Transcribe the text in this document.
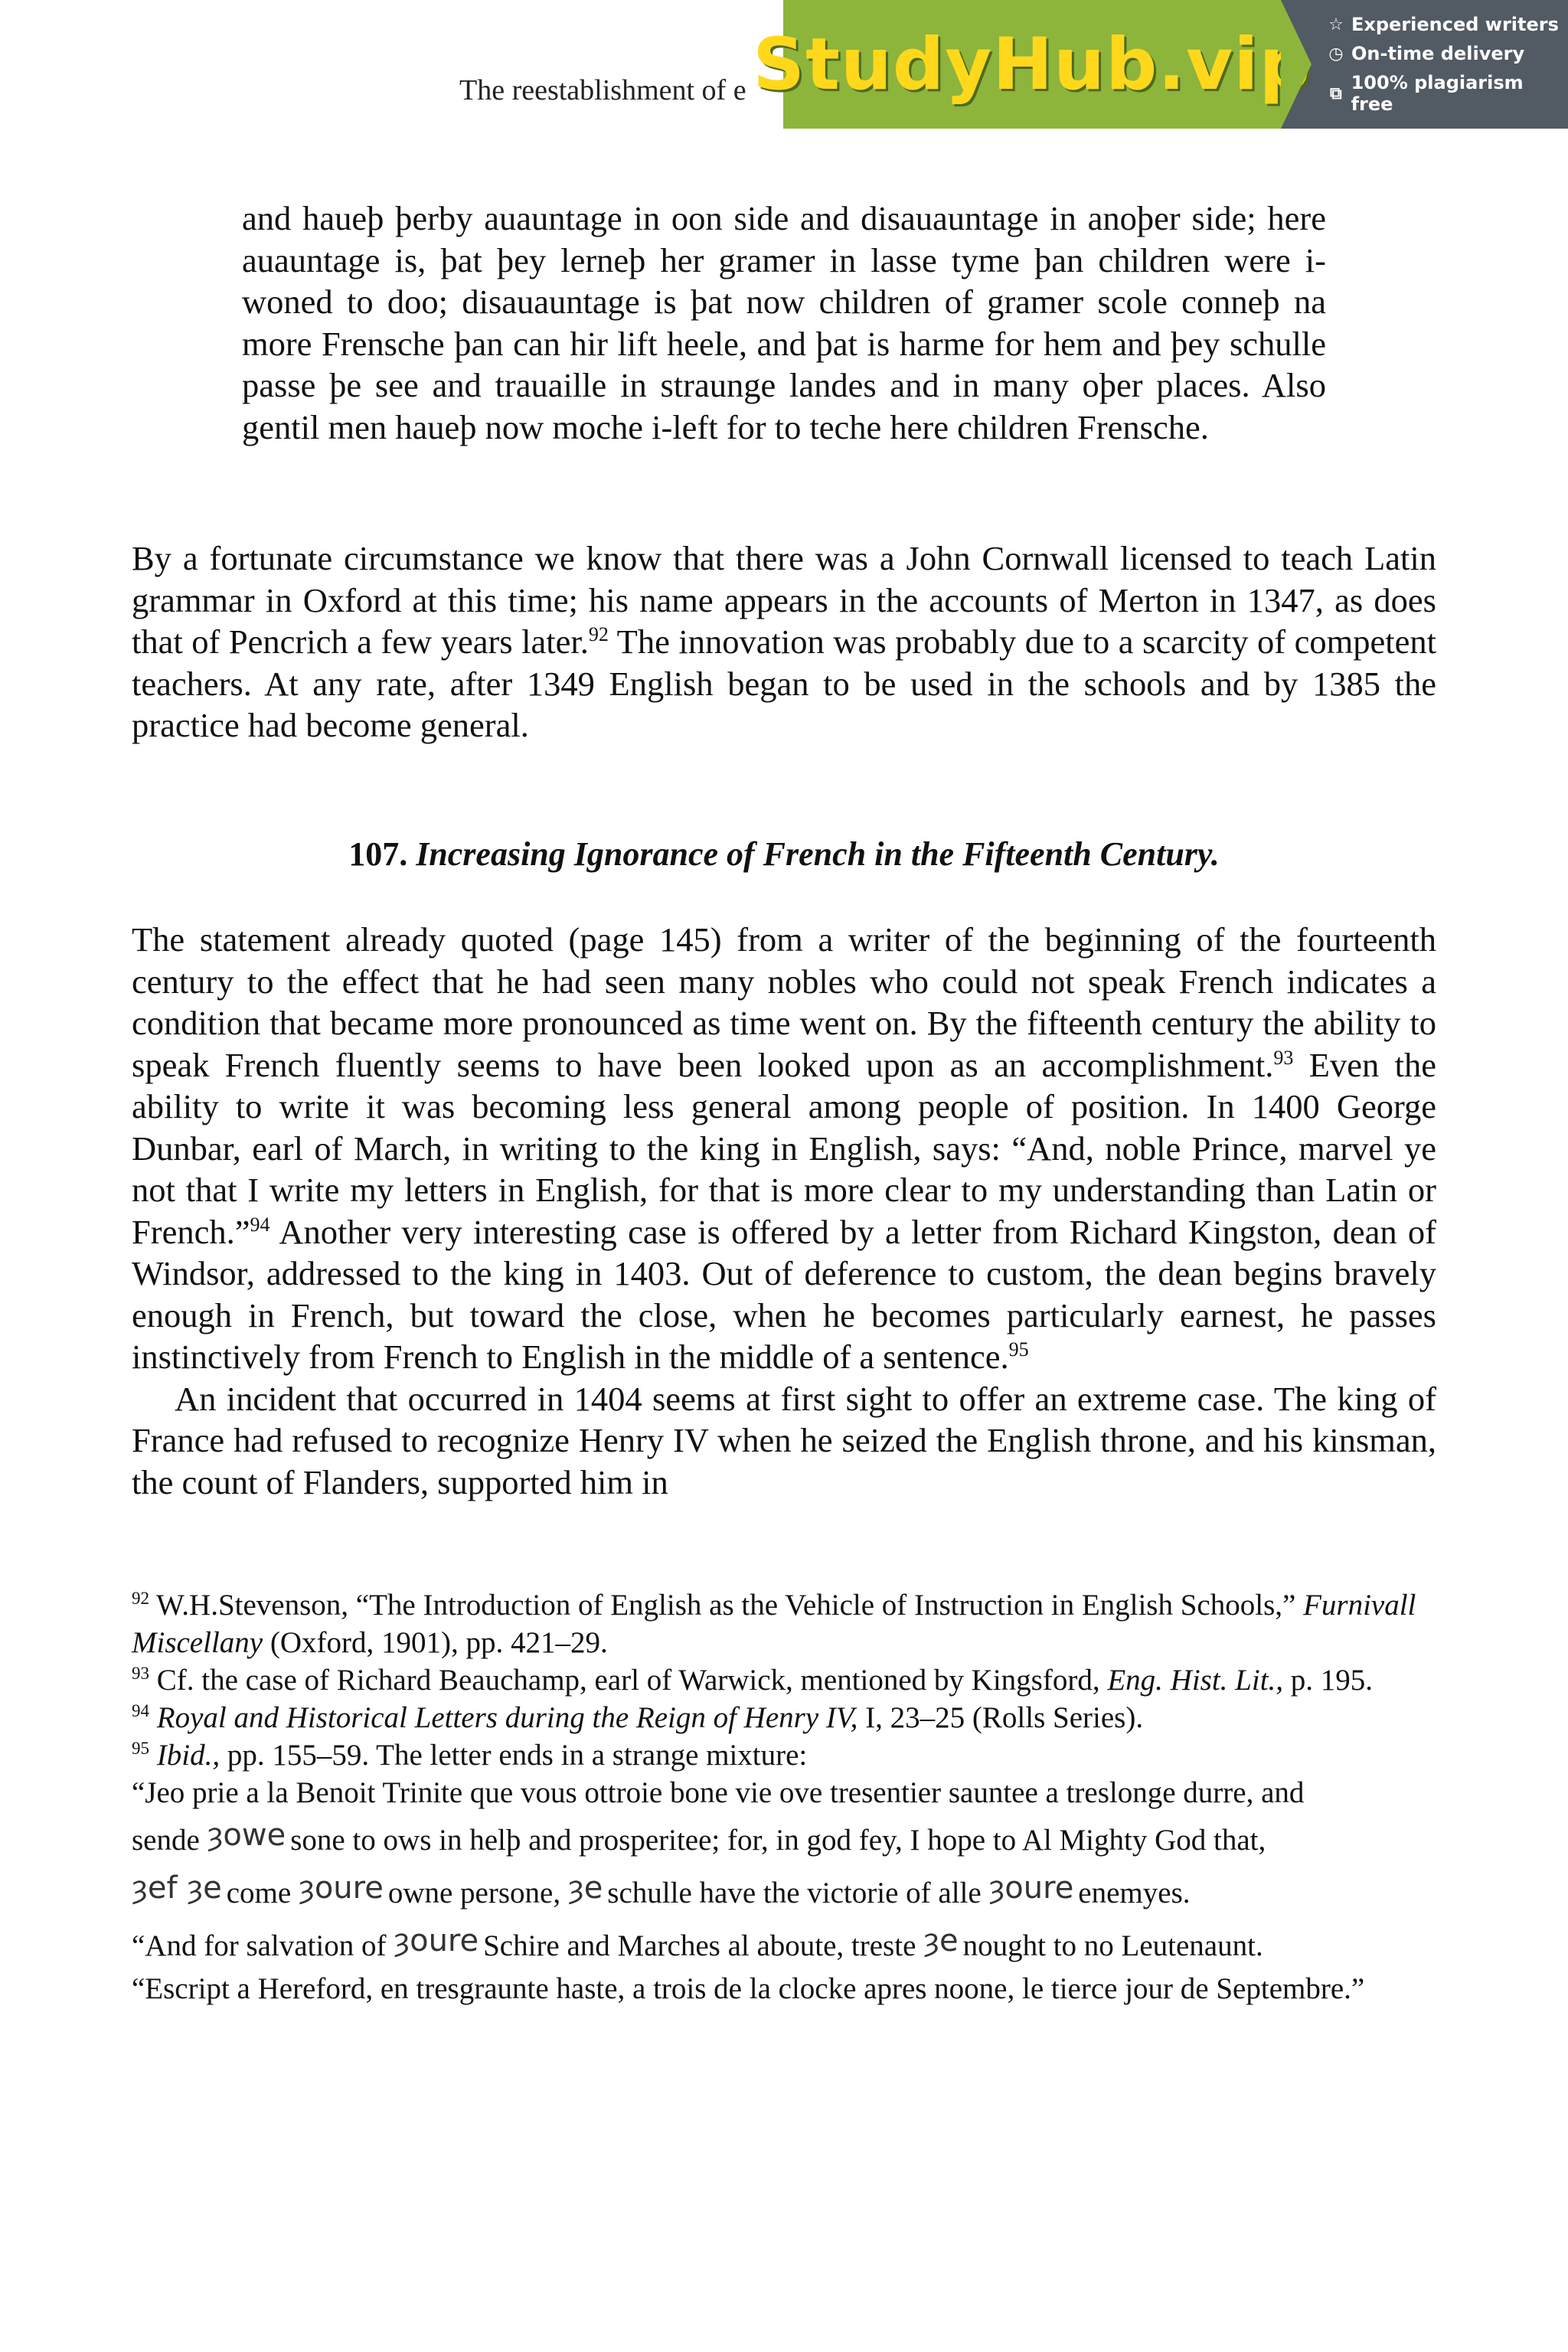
The reestablishment of e StudyHub.vip ☆ Experienced writers
◷ On-time delivery
⧉ 100% plagiarism free
and haueþ þerby auauntage in oon side and disauauntage in anoþer side; here auauntage is, þat þey lerneþ her gramer in lasse tyme þan children were i-woned to doo; disauauntage is þat now children of gramer scole conneþ na more Frensche þan can hir lift heele, and þat is harme for hem and þey schulle passe þe see and trauaille in straunge landes and in many oþer places. Also gentil men haueþ now moche i-left for to teche here children Frensche.
By a fortunate circumstance we know that there was a John Cornwall licensed to teach Latin grammar in Oxford at this time; his name appears in the accounts of Merton in 1347, as does that of Pencrich a few years later.$^{92}$ The innovation was probably due to a scarcity of competent teachers. At any rate, after 1349 English began to be used in the schools and by 1385 the practice had become general.
107. Increasing Ignorance of French in the Fifteenth Century.

The statement already quoted (page 145) from a writer of the beginning of the fourteenth century to the effect that he had seen many nobles who could not speak French indicates a condition that became more pronounced as time went on. By the fifteenth century the ability to speak French fluently seems to have been looked upon as an accomplishment.$^{93}$ Even the ability to write it was becoming less general among people of position. In 1400 George Dunbar, earl of March, in writing to the king in English, says: “And, noble Prince, marvel ye not that I write my letters in English, for that is more clear to my understanding than Latin or French.”$^{94}$ Another very interesting case is offered by a letter from Richard Kingston, dean of Windsor, addressed to the king in 1403. Out of deference to custom, the dean begins bravely enough in French, but toward the close, when he becomes particularly earnest, he passes instinctively from French to English in the middle of a sentence.$^{95}$

An incident that occurred in 1404 seems at first sight to offer an extreme case. The king of France had refused to recognize Henry IV when he seized the English throne, and his kinsman, the count of Flanders, supported him in

$^{92}$ W.H.Stevenson, “The Introduction of English as the Vehicle of Instruction in English Schools,” Furnivall Miscellany (Oxford, 1901), pp. 421–29.

$^{93}$ Cf. the case of Richard Beauchamp, earl of Warwick, mentioned by Kingsford, Eng. Hist. Lit., p. 195.

$^{94}$ Royal and Historical Letters during the Reign of Henry IV, I, 23–25 (Rolls Series).

$^{95}$ Ibid., pp. 155–59. The letter ends in a strange mixture:

“Jeo prie a la Benoit Trinite que vous ottroie bone vie ove tresentier sauntee a treslonge durre, and

sende ȝowe sone to ows in helþ and prosperitee; for, in god fey, I hope to Al Mighty God that,

ȝef ȝe come ȝoure owne persone, ȝe schulle have the victorie of alle ȝoure enemyes.

“And for salvation of ȝoure Schire and Marches al aboute, treste ȝe nought to no Leutenaunt.

“Escript a Hereford, en tresgraunte haste, a trois de la clocke apres noone, le tierce jour de Septembre.”
